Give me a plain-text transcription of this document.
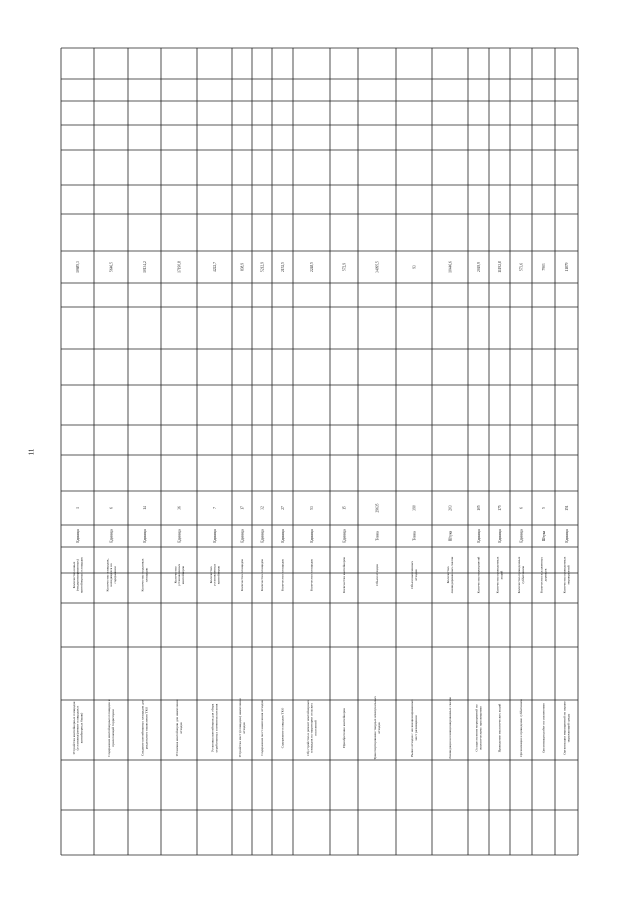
11
Устройство контейнерных площадок(установка/ремонт площадок иконтейнерных баков)
Количество новых(модернизированных)контейнерных площадок
Единица
1
10685,3
Содержание контейнерных площадок иприлегающей территории
Количество площадок,находящихся насодержании
Единица
6
5646,5
Создание контейнерных площадок дляраздельного накопления ТКО
Количество созданныхплощадок
Единица
14
10134,2
Установка контейнеров для накопленияотходов
Количествоустановленныхконтейнеров
Единица
36
17190,8
Установка контейнеров для сбораотработанных элементов питания
Количествоустановленныхконтейнеров
Единица
7
4222,7
Устройство мест (площадок) накопленияотходов
Количество площадок
Единица
17
838,9
Содержание мест накопления отходов
Количество площадок
Единица
32
5212,9
Содержание площадок ТКО
Количество площадок
Единица
27
2152,5
Обустройство и ремонт контейнерныхплощадок на территории сельскихпоселений
Количество площадок
Единица
53
2248,5
Приобретение контейнеров
Количество контейнеров
Единица
15
572,9
Транспортирование твердых коммунальныхотходов
Объем отходов
Тонна
29635
34095,5
Вывоз отходов с несанкционированныхмест размещения
Объем вывезенныхотходов
Тонна
390
93
Ликвидация несанкционированных свалок
Количестволиквидированных свалок
Штука
203
10446,6
Осуществление мероприятий поэкологическому просвещению
Количество мероприятий
Единица
105
2049,9
Проведение экологических акций
Количество проведенныхакций
Единица
175
11192,8
Организация и проведение субботников
Количество проведенныхсубботников
Единица
6
573,6
Организация работ по озеленению
Количество высаженныхдеревьев
Штука
5
7903
Организация мероприятий по охранеокружающей среды
Количество проведенныхмероприятий
Единица
151
11879
